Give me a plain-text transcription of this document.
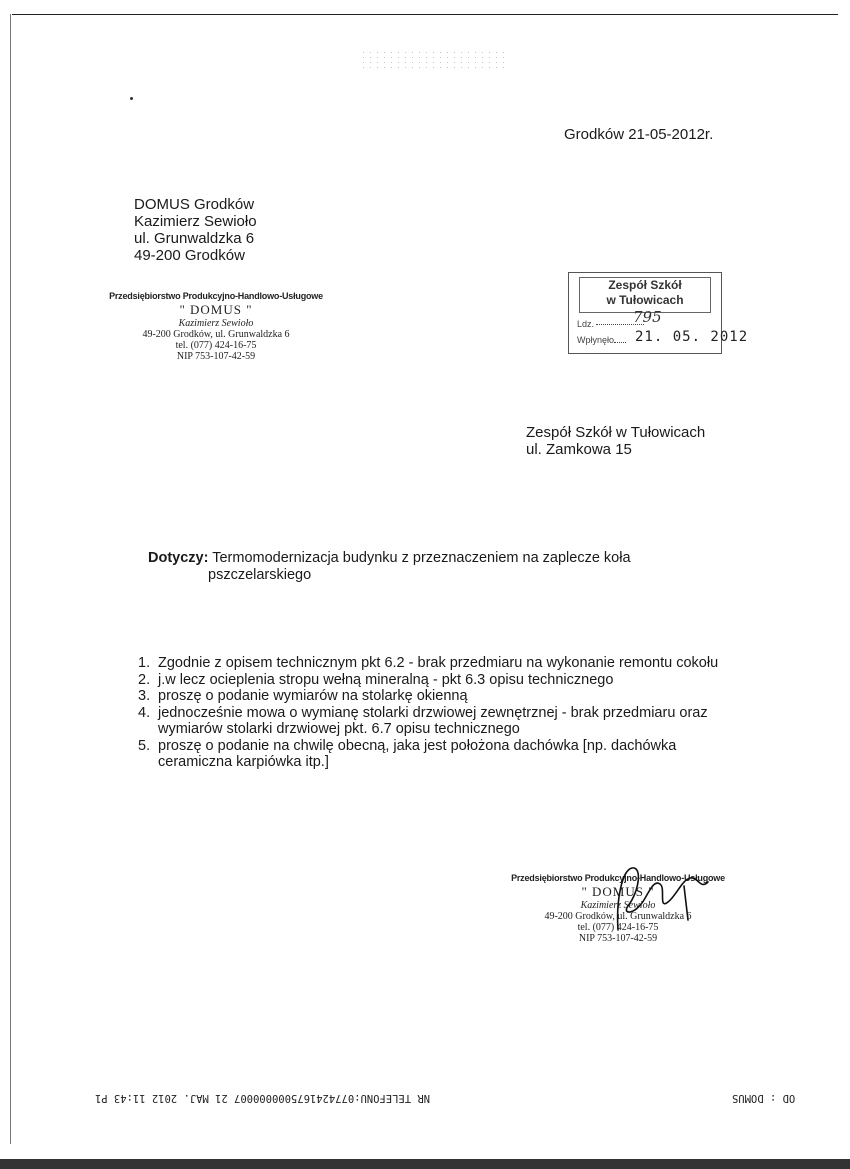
Grodków 21-05-2012r.
DOMUS Grodków
Kazimierz Sewioło
ul. Grunwaldzka 6
49-200 Grodków
Przedsiębiorstwo Produkcyjno-Handlowo-Usługowe
" DOMUS "
Kazimierz Sewioło
49-200 Grodków, ul. Grunwaldzka 6
tel. (077) 424-16-75
NIP 753-107-42-59
Zespół Szkół
w Tułowicach
Ldz.	795
Wpłynęło	21. 05. 2012
Zespół Szkół w Tułowicach
ul. Zamkowa 15
Dotyczy: Termomodernizacja budynku z przeznaczeniem na zaplecze koła
pszczelarskiego
1. Zgodnie z opisem technicznym pkt 6.2 - brak przedmiaru na wykonanie remontu cokołu
2. j.w lecz ocieplenia stropu wełną mineralną - pkt 6.3 opisu technicznego
3. proszę o podanie wymiarów na stolarkę okienną
4. jednocześnie mowa o wymianę stolarki drzwiowej zewnętrznej - brak przedmiaru oraz wymiarów stolarki drzwiowej pkt. 6.7 opisu technicznego
5. proszę o podanie na chwilę obecną, jaka jest położona dachówka [np. dachówka ceramiczna karpiówka itp.]
Przedsiębiorstwo Produkcyjno-Handlowo-Usługowe
" DOMUS "
Kazimierz Sewioło
49-200 Grodków, ul. Grunwaldzka 6
tel. (077) 424-16-75
NIP 753-107-42-59
NR TELEFONU:0774241675000000007 21 MAJ. 2012 11:43 P1	OD : DOMUS
